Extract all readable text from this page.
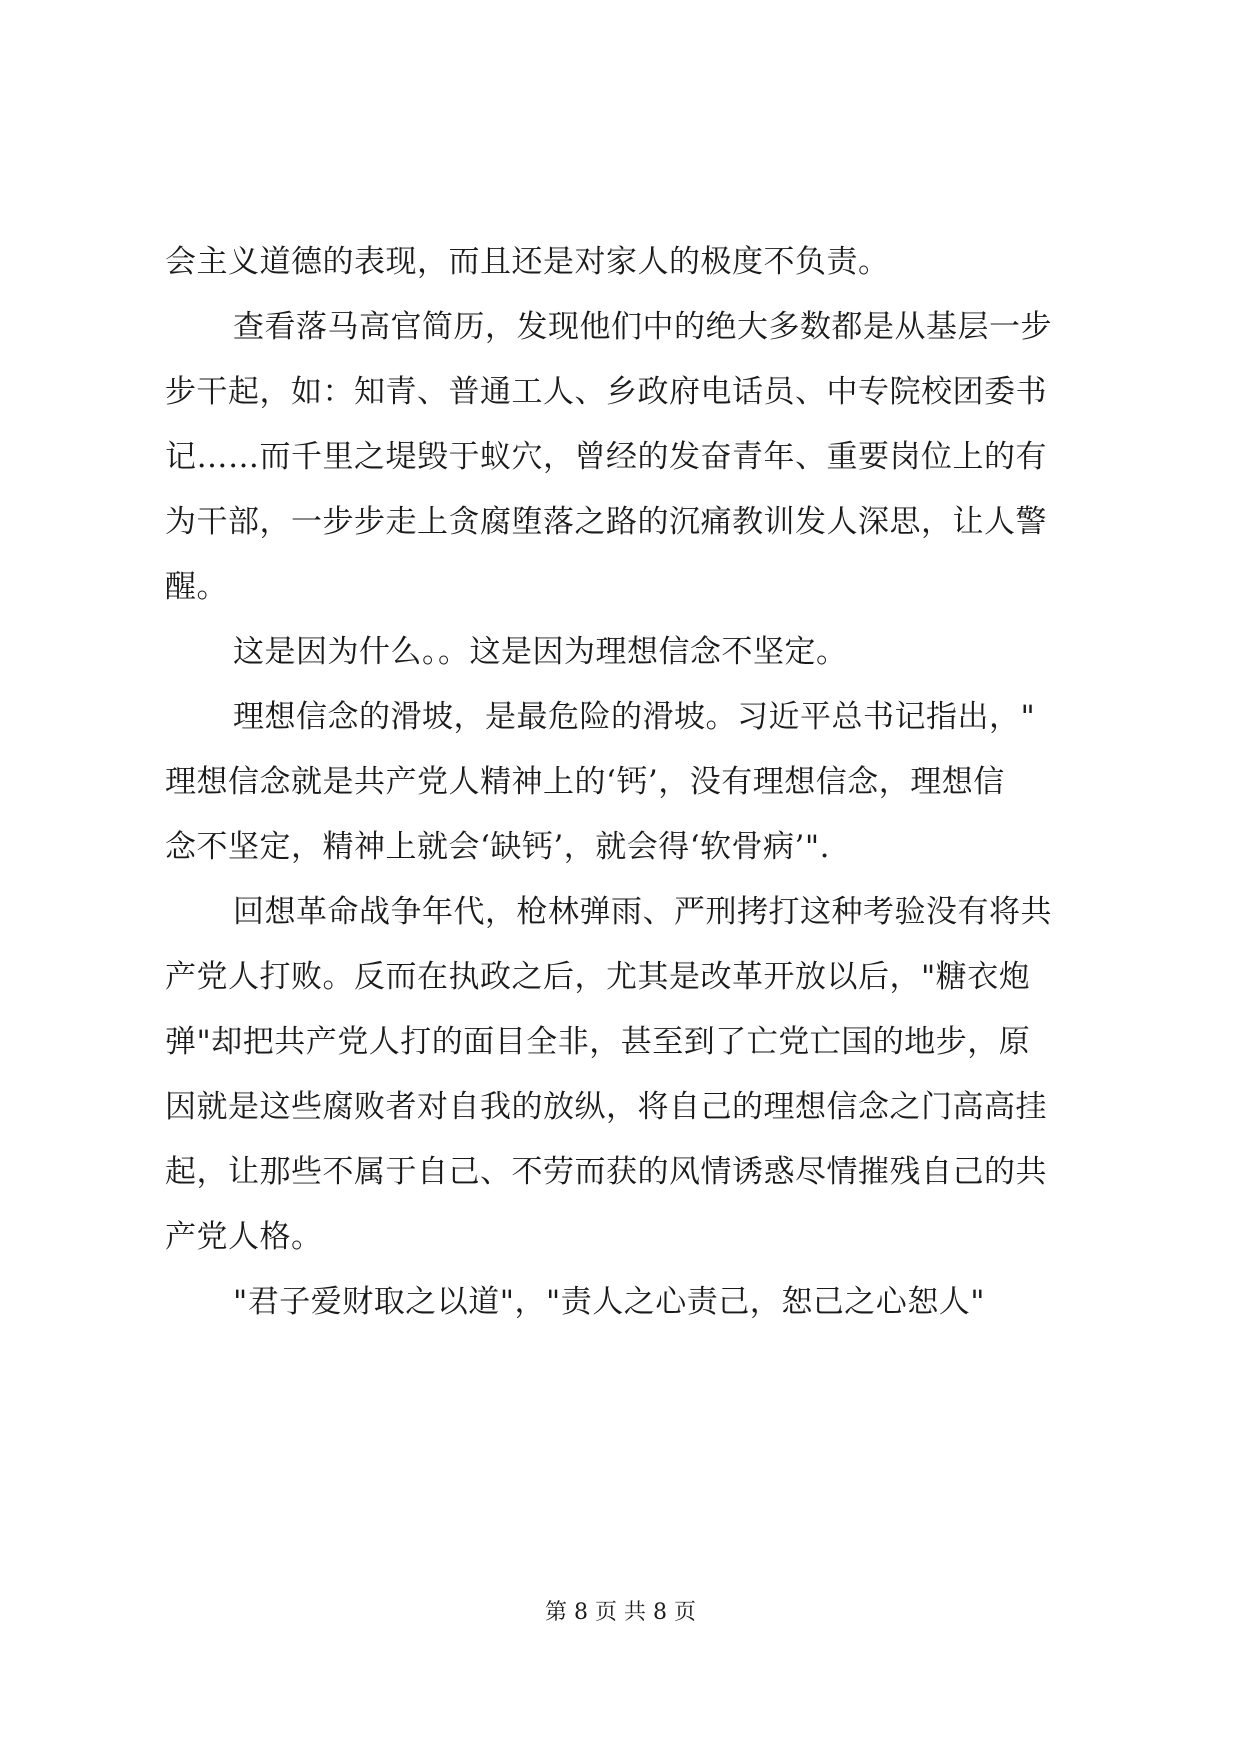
会主义道德的表现，而且还是对家人的极度不负责。
查看落马高官简历，发现他们中的绝大多数都是从基层一步
步干起，如：知青、普通工人、乡政府电话员、中专院校团委书
记……而千里之堤毁于蚁穴，曾经的发奋青年、重要岗位上的有
为干部，一步步走上贪腐堕落之路的沉痛教训发人深思，让人警
醒。
这是因为什么。。这是因为理想信念不坚定。
理想信念的滑坡，是最危险的滑坡。习近平总书记指出，"
理想信念就是共产党人精神上的‘钙’，没有理想信念，理想信
念不坚定，精神上就会‘缺钙’，就会得‘软骨病’".
回想革命战争年代，枪林弹雨、严刑拷打这种考验没有将共
产党人打败。反而在执政之后，尤其是改革开放以后，"糖衣炮
弹"却把共产党人打的面目全非，甚至到了亡党亡国的地步，原
因就是这些腐败者对自我的放纵，将自己的理想信念之门高高挂
起，让那些不属于自己、不劳而获的风情诱惑尽情摧残自己的共
产党人格。
"君子爱财取之以道"，"责人之心责己，恕己之心恕人"
第 8 页 共 8 页
